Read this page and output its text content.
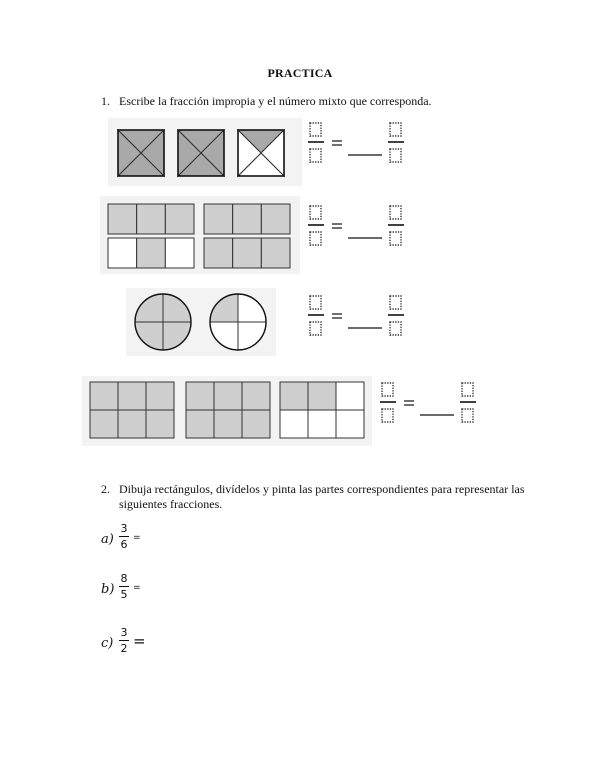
PRACTICA
1. Escribe la fracción impropia y el número mixto que corresponda.
2. Dibuja rectángulos, divídelos y pinta las partes correspondientes para representar las siguientes fracciones.
a)
3
6 =
b)
8
5 =
c)
3
2 =
